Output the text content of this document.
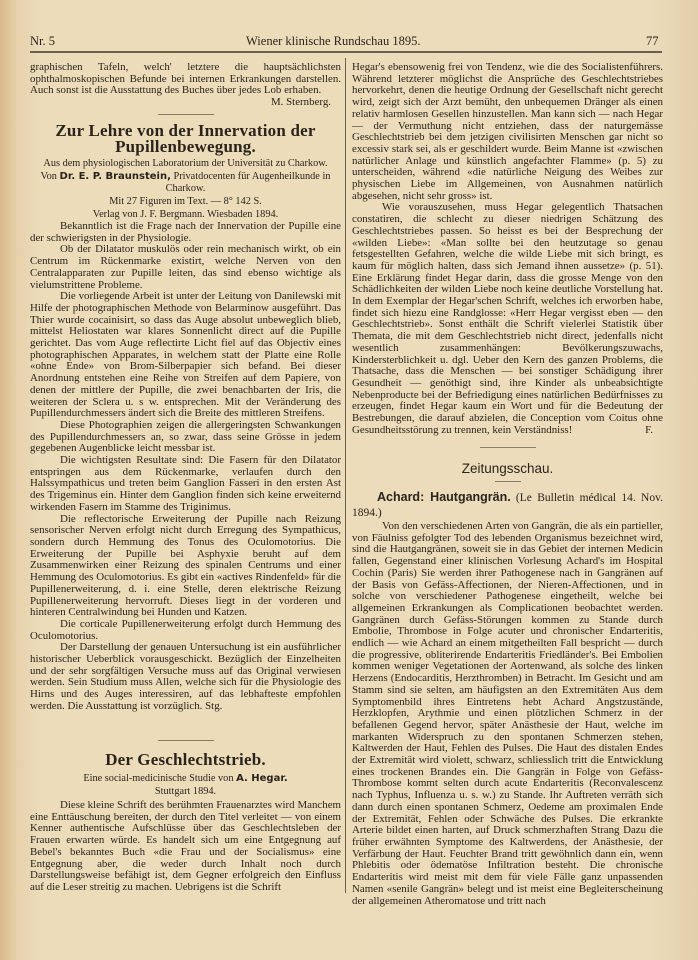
Nr. 5	Wiener klinische Rundschau 1895.	77

graphischen Tafeln, welch' letztere die hauptsächlichsten ophthalmoskopischen Befunde bei internen Erkrankungen darstellen. Auch sonst ist die Ausstattung des Buches über jedes Lob erhaben.

M. Sternberg.
Zur Lehre von der Innervation der Pupillenbewegung.
Aus dem physiologischen Laboratorium der Universität zu Charkow.
Von Dr. E. P. Braunstein, Privatdocenten für Augenheilkunde in Charkow.
Mit 27 Figuren im Text. — 8° 142 S.
Verlag von J. F. Bergmann. Wiesbaden 1894.

Bekanntlich ist die Frage nach der Innervation der Pupille eine der schwierigsten in der Physiologie.

Ob der Dilatator muskulös oder rein mechanisch wirkt, ob ein Centrum im Rückenmarke existirt, welche Nerven von den Centralapparaten zur Pupille leiten, das sind ebenso wichtige als vielumstrittene Probleme.

Die vorliegende Arbeit ist unter der Leitung von Danilewski mit Hilfe der photographischen Methode von Belarminow ausgeführt. Das Thier wurde cocainisirt, so dass das Auge absolut unbeweglich blieb, mittelst Heliostaten war klares Sonnenlicht direct auf die Pupille gerichtet. Das vom Auge reflectirte Licht fiel auf das Objectiv eines photographischen Apparates, in welchem statt der Platte eine Rolle «ohne Ende» von Brom-Silberpapier sich befand. Bei dieser Anordnung entstehen eine Reihe von Streifen auf dem Papiere, von denen der mittlere der Pupille, die zwei benachbarten der Iris, die weiteren der Sclera u. s w. entsprechen. Mit der Veränderung des Pupillendurchmessers ändert sich die Breite des mittleren Streifens.

Diese Photographien zeigen die allergeringsten Schwankungen des Pupillendurchmessers an, so zwar, dass seine Grösse in jedem gegebenen Augenblicke leicht messbar ist.

Die wichtigsten Resultate sind: Die Fasern für den Dilatator entspringen aus dem Rückenmarke, verlaufen durch den Halssympathicus und treten beim Ganglion Fasseri in den ersten Ast des Trigeminus ein. Hinter dem Ganglion finden sich keine erweiternd wirkenden Fasern im Stamme des Triginimus.

Die reflectorische Erweiterung der Pupille nach Reizung sensorischer Nerven erfolgt nicht durch Erregung des Sympathicus, sondern durch Hemmung des Tonus des Oculomotorius. Die Erweiterung der Pupille bei Asphyxie beruht auf dem Zusammenwirken einer Reizung des spinalen Centrums und einer Hemmung des Oculomotorius. Es gibt ein «actives Rindenfeld» für die Pupillenerweiterung, d. i. eine Stelle, deren elektrische Reizung Pupillenerweiterung hervorruft. Dieses liegt in der vorderen und hinteren Centralwindung bei Hunden und Katzen.

Die corticale Pupillenerweiterung erfolgt durch Hemmung des Oculomotorius.

Der Darstellung der genauen Untersuchung ist ein ausführlicher historischer Ueberblick vorausgeschickt. Bezüglich der Einzelheiten und der sehr sorgfältigen Versuche muss auf das Original verwiesen werden. Sein Studium muss Allen, welche sich für die Physiologie des Hirns und des Auges interessiren, auf das lebhafteste empfohlen werden. Die Ausstattung ist vorzüglich. Stg.

Der Geschlechtstrieb.
Eine social-medicinische Studie von A. Hegar.
Stuttgart 1894.

Diese kleine Schrift des berühmten Frauenarztes wird Manchem eine Enttäuschung bereiten, der durch den Titel verleitet — von einem Kenner authentische Aufschlüsse über das Geschlechtsleben der Frauen erwarten würde. Es handelt sich um eine Entgegnung auf Bebel's bekanntes Buch «die Frau und der Socialismus» eine Entgegnung aber, die weder durch Inhalt noch durch Darstellungsweise befähigt ist, dem Gegner erfolgreich den Einfluss auf die Leser streitig zu machen. Uebrigens ist die Schrift

Hegar's ebensowenig frei von Tendenz, wie die des Socialistenführers. Während letzterer möglichst die Ansprüche des Geschlechtstriebes hervorkehrt, denen die heutige Ordnung der Gesellschaft nicht gerecht wird, zeigt sich der Arzt bemüht, den unbequemen Dränger als einen relativ harmlosen Gesellen hinzustellen. Man kann sich — nach Hegar — der Vermuthung nicht entziehen, dass der naturgemässe Geschlechtstrieb bei dem jetzigen civilisirten Menschen gar nicht so excessiv stark sei, als er geschildert wurde. Beim Manne ist «zwischen natürlicher Anlage und künstlich angefachter Flamme» (p. 5) zu unterscheiden, während «die natürliche Neigung des Weibes zur physischen Liebe im Allgemeinen, von Ausnahmen natürlich abgesehen, nicht sehr gross» ist.

Wie vorauszusehen, muss Hegar gelegentlich Thatsachen constatiren, die schlecht zu dieser niedrigen Schätzung des Geschlechtstriebes passen. So heisst es bei der Besprechung der «wilden Liebe»: «Man sollte bei den heutzutage so genau fetsgestellten Gefahren, welche die wilde Liebe mit sich bringt, es kaum für möglich halten, dass sich Jemand ihnen aussetze» (p. 51). Eine Erklärung findet Hegar darin, dass die grosse Menge von den Schädlichkeiten der wilden Liebe noch keine deutliche Vorstellung hat. In dem Exemplar der Hegar'schen Schrift, welches ich erworben habe, findet sich hiezu eine Randglosse: «Herr Hegar vergisst eben — den Geschlechtstrieb». Sonst enthält die Schrift vielerlei Statistik über Themata, die mit dem Geschlechtstrieb nicht direct, jedenfalls nicht wesentlich zusammenhängen: Bevölkerungszuwachs, Kindersterblichkeit u. dgl. Ueber den Kern des ganzen Problems, die Thatsache, dass die Menschen — bei sonstiger Schädigung ihrer Gesundheit — genöthigt sind, ihre Kinder als unbeabsichtigte Nebenproducte bei der Befriedigung eines natürlichen Bedürfnisses zu erzeugen, findet Hegar kaum ein Wort und für die Bedeutung der Bestrebungen, die darauf abzielen, die Conception vom Coitus ohne Gesundheitsstörung zu trennen, kein Verständniss!	F.
Zeitungsschau.

Achard: Hautgangrän. (Le Bulletin médical 14. Nov. 1894.)

Von den verschiedenen Arten von Gangrän, die als ein partieller, von Fäulniss gefolgter Tod des lebenden Organismus bezeichnet wird, sind die Hautgangränen, soweit sie in das Gebiet der internen Medicin fallen, Gegenstand einer klinischen Vorlesung Achard's im Hospital Cochin (Paris) Sie werden ihrer Pathogenese nach in Gangränen auf der Basis von Gefäss-Affectionen, der Nieren-Affectionen, und in solche von verschiedener Pathogenese eingetheilt, welche bei allgemeinen Erkrankungen als Complicationen beobachtet werden. Gangränen durch Gefäss-Störungen kommen zu Stande durch Embolie, Thrombose in Folge acuter und chronischer Endarteritis, endlich — wie Achard an einem mitgetheilten Fall bespricht — durch die progressive, obliterirende Endarteritis Friedländer's. Bei Embolien kommen weniger Vegetationen der Aortenwand, als solche des linken Herzens (Endocarditis, Herzthromben) in Betracht. Im Gesicht und am Stamm sind sie selten, am häufigsten an den Extremitäten Aus dem Symptomenbild ihres Eintretens hebt Achard Angstzustände, Herzklopfen, Arythmie und einen plötzlichen Schmerz in der befallenen Gegend hervor, später Anästhesie der Haut, welche im markanten Widerspruch zu den spontanen Schmerzen stehen, Kaltwerden der Haut, Fehlen des Pulses. Die Haut des distalen Endes der Extremität wird violett, schwarz, schliesslich tritt die Entwicklung eines trockenen Brandes ein. Die Gangrän in Folge von Gefäss-Thrombose kommt selten durch acute Endarteritis (Reconvalescenz nach Typhus, Influenza u. s. w.) zu Stande. Ihr Auftreten verräth sich dann durch einen spontanen Schmerz, Oedeme am proximalen Ende der Extremität, Fehlen oder Schwäche des Pulses. Die erkrankte Arterie bildet einen harten, auf Druck schmerzhaften Strang Dazu die früher erwähnten Symptome des Kaltwerdens, der Anästhesie, der Verfärbung der Haut. Feuchter Brand tritt gewöhnlich dann ein, wenn Phlebitis oder ödematöse Infiltration besteht. Die chronische Endarteritis wird meist mit dem für viele Fälle ganz unpassenden Namen «senile Gangrän» belegt und ist meist eine Begleiterscheinung der allgemeinen Atheromatose und tritt nach
